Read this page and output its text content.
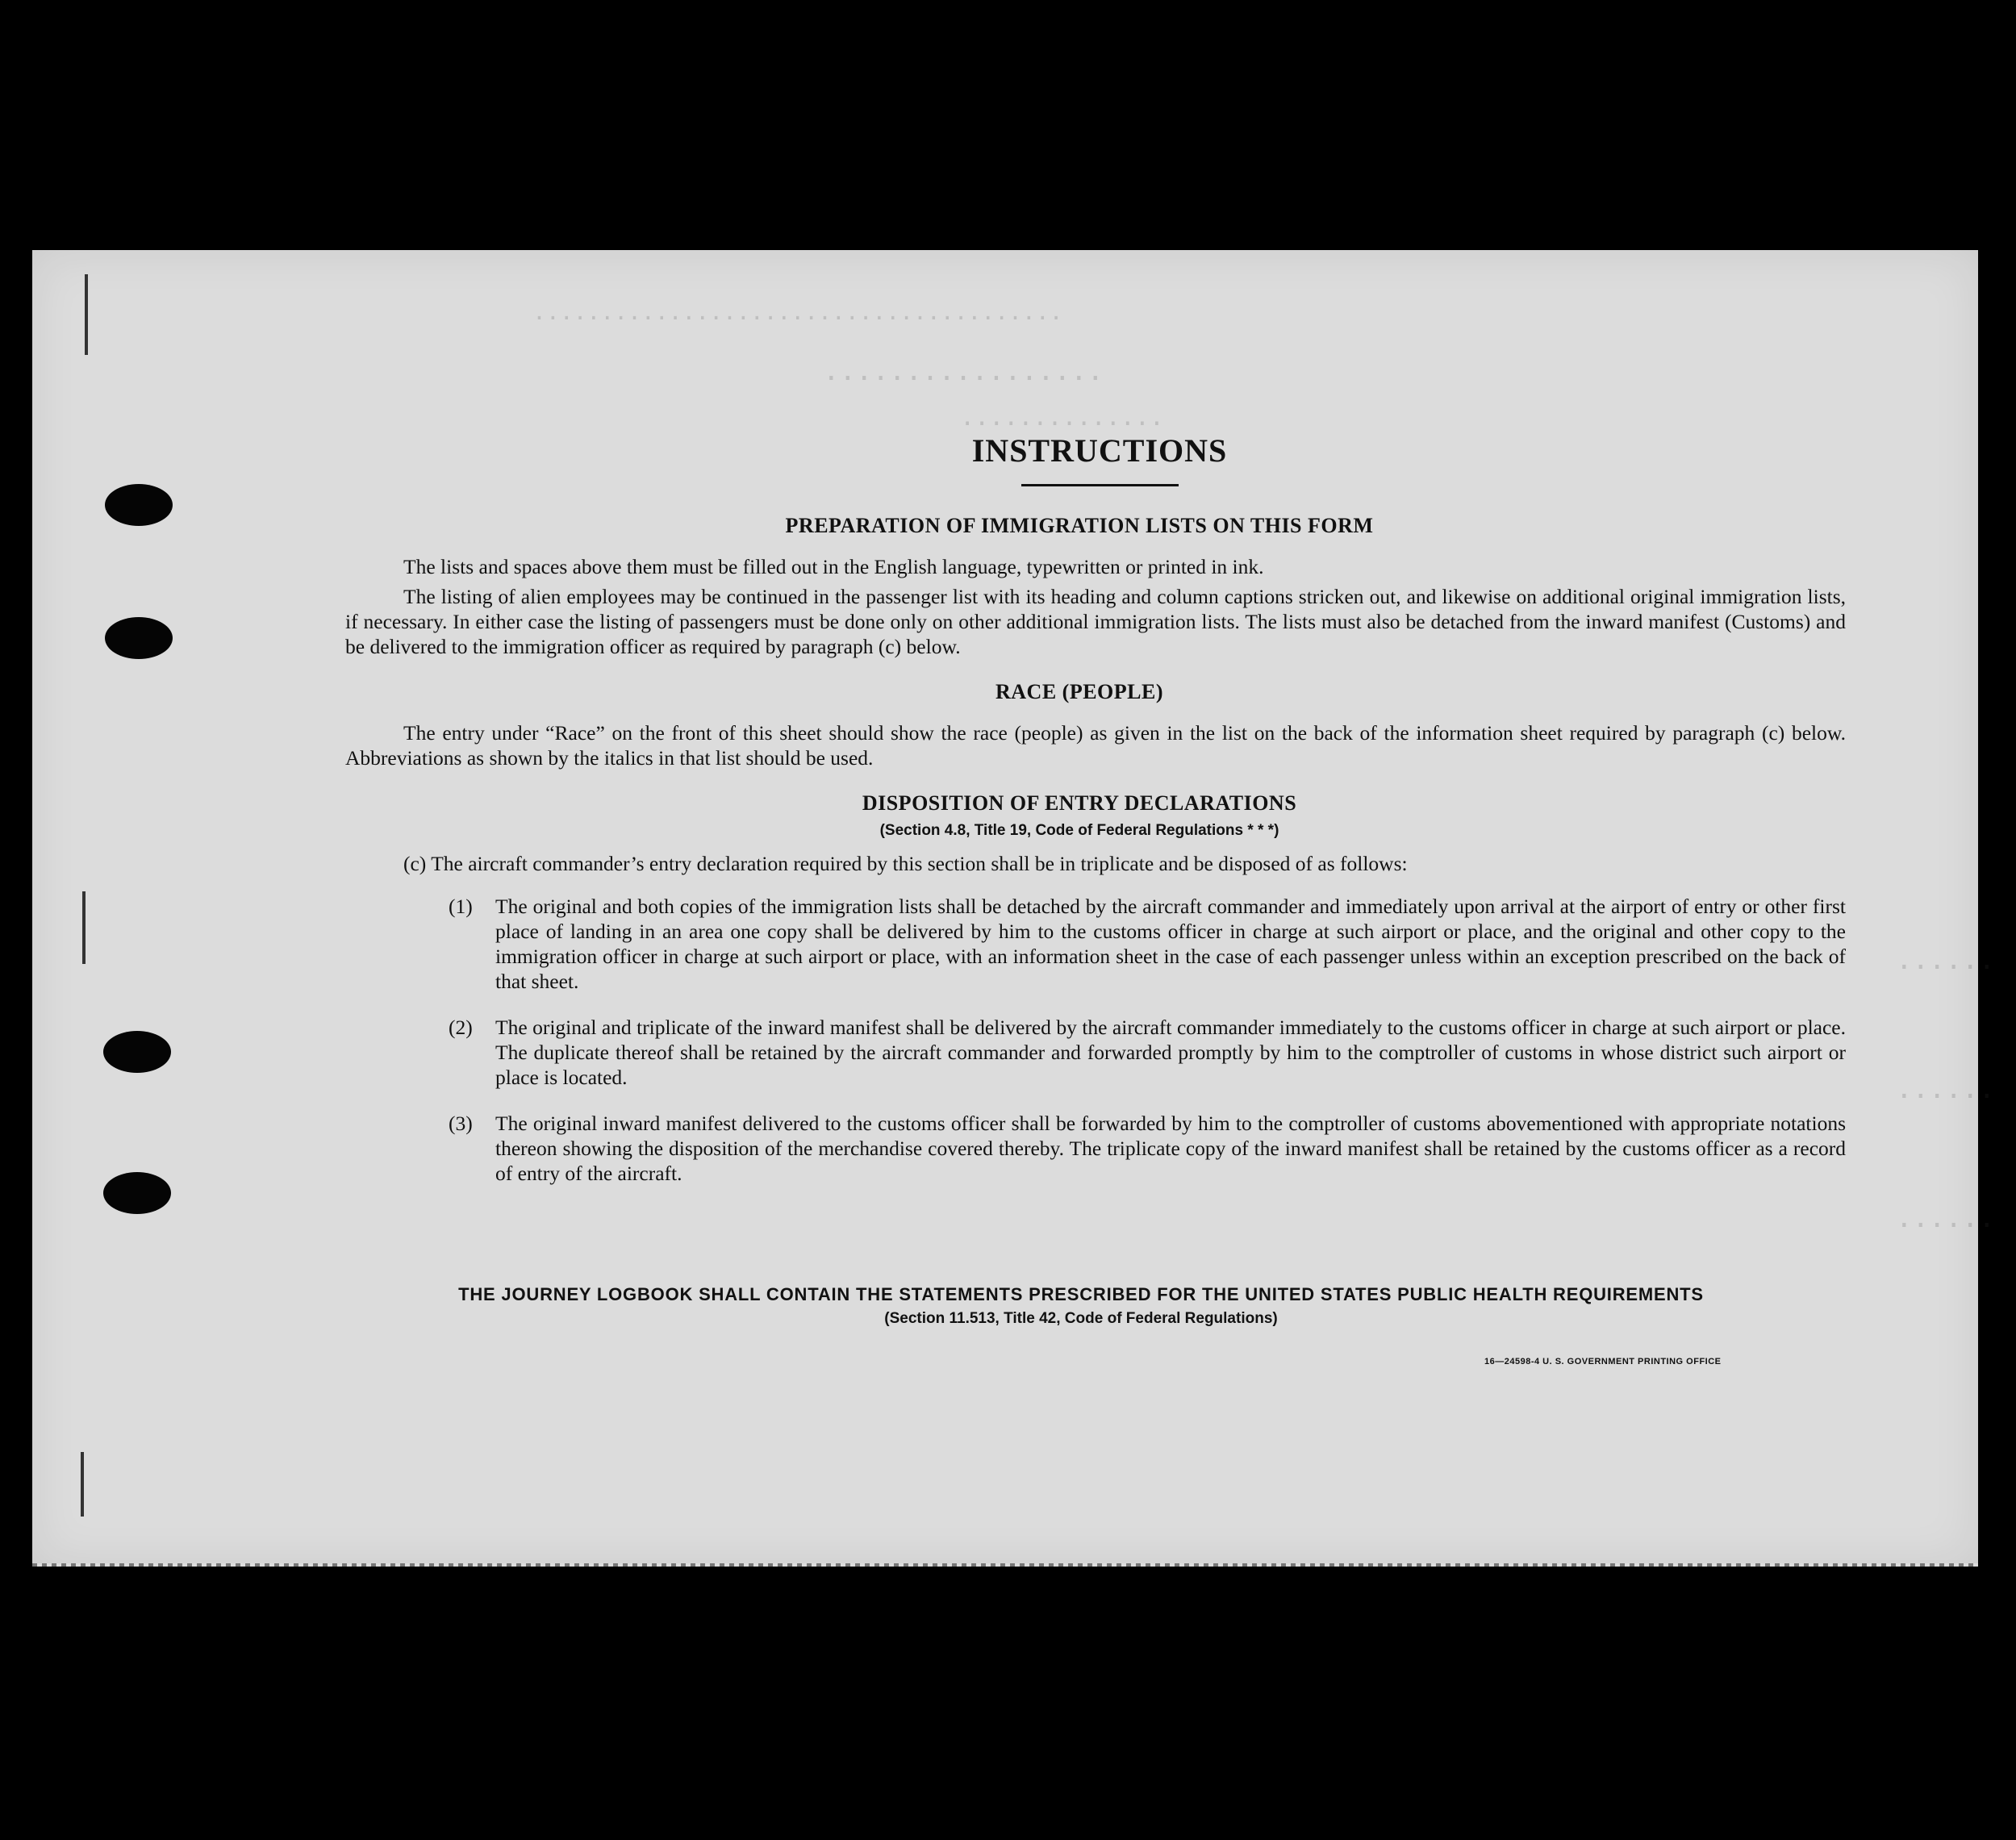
.......................................
.................
..............
......
......
......
INSTRUCTIONS
PREPARATION OF IMMIGRATION LISTS ON THIS FORM

The lists and spaces above them must be filled out in the English language, typewritten or printed in ink.

The listing of alien employees may be continued in the passenger list with its heading and column captions stricken out, and likewise on additional original immigration lists, if necessary. In either case the listing of passengers must be done only on other additional immigration lists. The lists must also be detached from the inward manifest (Customs) and be delivered to the immigration officer as required by paragraph (c) below.

RACE (PEOPLE)

The entry under “Race” on the front of this sheet should show the race (people) as given in the list on the back of the information sheet required by paragraph (c) below. Abbreviations as shown by the italics in that list should be used.

DISPOSITION OF ENTRY DECLARATIONS
(Section 4.8, Title 19, Code of Federal Regulations * * *)
(c) The aircraft commander’s entry declaration required by this section shall be in triplicate and be disposed of as follows:
(1)	The original and both copies of the immigration lists shall be detached by the aircraft commander and immediately upon arrival at the airport of entry or other first place of landing in an area one copy shall be delivered by him to the customs officer in charge at such airport or place, and the original and other copy to the immigration officer in charge at such airport or place, with an information sheet in the case of each passenger unless within an exception prescribed on the back of that sheet.
(2)	The original and triplicate of the inward manifest shall be delivered by the aircraft commander immediately to the customs officer in charge at such airport or place. The duplicate thereof shall be retained by the aircraft commander and forwarded promptly by him to the comptroller of customs in whose district such airport or place is located.
(3)	The original inward manifest delivered to the customs officer shall be forwarded by him to the comptroller of customs abovementioned with appropriate notations thereon showing the disposition of the merchandise covered thereby. The triplicate copy of the inward manifest shall be retained by the customs officer as a record of entry of the aircraft.
THE JOURNEY LOGBOOK SHALL CONTAIN THE STATEMENTS PRESCRIBED FOR THE UNITED STATES PUBLIC HEALTH REQUIREMENTS
(Section 11.513, Title 42, Code of Federal Regulations)
16—24598‑4 U. S. GOVERNMENT PRINTING OFFICE
